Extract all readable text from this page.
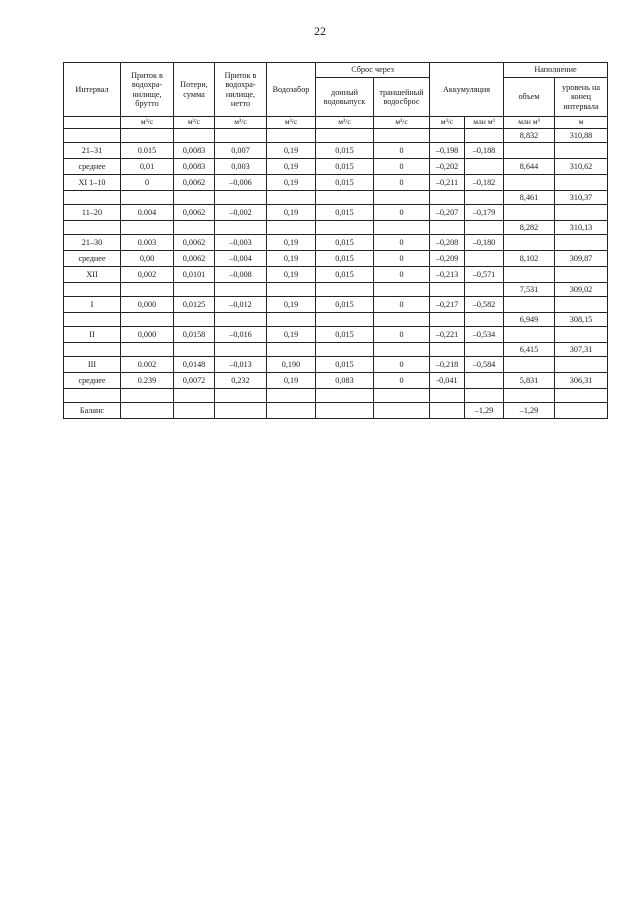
22
Интервал	Приток в водохра-нилище, брутто	Потери, сумма	Приток в водохра-нилище, нетто	Водозабор	Сброс через		Аккумуляция		Наполнение	
					донный водовыпуск	траншейный водосброс			объем	уровень на конец интервала
	м³/с	м³/с	м³/с	м³/с	м³/с	м³/с	м³/с	млн м³	млн м³	м
									8,832	310,88
21–31	0.015	0,0083	0,007	0,19	0,015	0	–0,198	–0,188		
среднее	0,01	0,0083	0,003	0,19	0,015	0	–0,202		8,644	310,62
XI 1–10	0	0,0062	–0,006	0,19	0,015	0	–0,211	–0,182		
									8,461	310,37
11–20	0.004	0,0062	–0,002	0,19	0,015	0	–0,207	–0,179		
									8,282	310,13
21–30	0.003	0,0062	–0,003	0,19	0,015	0	–0,208	–0,180		
среднее	0,00	0,0062	–0,004	0,19	0,015	0	–0,209		8,102	309,87
XII	0,002	0,0101	–0,008	0,19	0,015	0	–0,213	–0,571		
									7,531	309,02
I	0,000	0,0125	–0,012	0,19	0,015	0	–0,217	–0,582		
									6,949	308,15
II	0,000	0,0158	–0,016	0,19	0,015	0	–0,221	–0,534		
									6,415	307,31
III	0.002	0,0148	–0,013	0,190	0,015	0	–0,218	–0,584		
среднее	0.239	0,0072	0,232	0,19	0,083	0	-0,041		5,831	306,31

Баланс								–1,29	–1,29	
